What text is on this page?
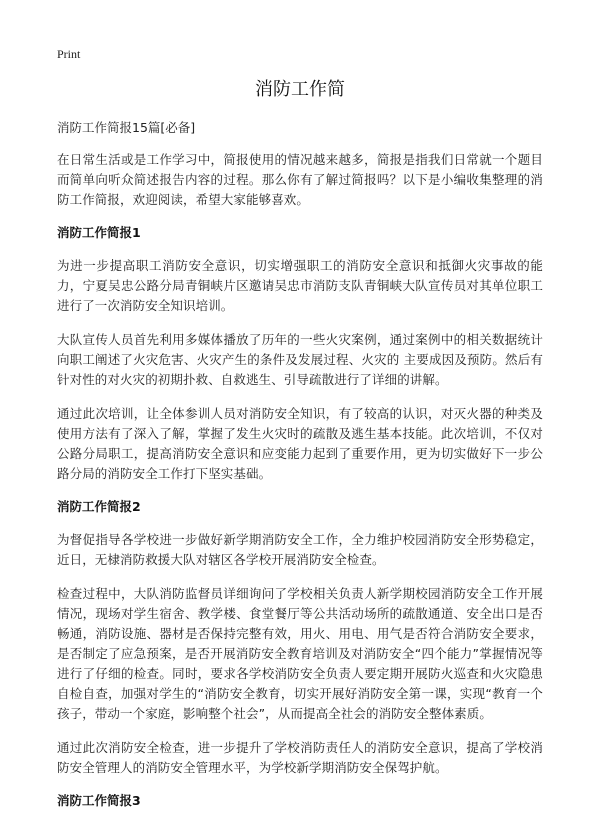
Print
消防工作简
消防工作简报15篇[必备]

在日常生活或是工作学习中，简报使用的情况越来越多，简报是指我们日常就一个题目而简单向听众简述报告内容的过程。那么你有了解过简报吗？以下是小编收集整理的消防工作简报，欢迎阅读，希望大家能够喜欢。

消防工作简报1

为进一步提高职工消防安全意识，切实增强职工的消防安全意识和抵御火灾事故的能力，宁夏吴忠公路分局青铜峡片区邀请吴忠市消防支队青铜峡大队宣传员对其单位职工进行了一次消防安全知识培训。

大队宣传人员首先利用多媒体播放了历年的一些火灾案例，通过案例中的相关数据统计向职工阐述了火灾危害、火灾产生的条件及发展过程、火灾的 主要成因及预防。然后有针对性的对火灾的初期扑救、自救逃生、引导疏散进行了详细的讲解。

通过此次培训，让全体参训人员对消防安全知识，有了较高的认识，对灭火器的种类及使用方法有了深入了解，掌握了发生火灾时的疏散及逃生基本技能。此次培训，不仅对公路分局职工，提高消防安全意识和应变能力起到了重要作用，更为切实做好下一步公路分局的消防安全工作打下坚实基础。

消防工作简报2

为督促指导各学校进一步做好新学期消防安全工作，全力维护校园消防安全形势稳定，近日，无棣消防救援大队对辖区各学校开展消防安全检查。

检查过程中，大队消防监督员详细询问了学校相关负责人新学期校园消防安全工作开展情况，现场对学生宿舍、教学楼、食堂餐厅等公共活动场所的疏散通道、安全出口是否畅通，消防设施、器材是否保持完整有效，用火、用电、用气是否符合消防安全要求，是否制定了应急预案，是否开展消防安全教育培训及对消防安全“四个能力”掌握情况等进行了仔细的检查。同时，要求各学校消防安全负责人要定期开展防火巡查和火灾隐患自检自查，加强对学生的“消防安全教育，切实开展好消防安全第一课，实现“教育一个孩子，带动一个家庭，影响整个社会”，从而提高全社会的消防安全整体素质。

通过此次消防安全检查，进一步提升了学校消防责任人的消防安全意识，提高了学校消防安全管理人的消防安全管理水平，为学校新学期消防安全保驾护航。

消防工作简报3
